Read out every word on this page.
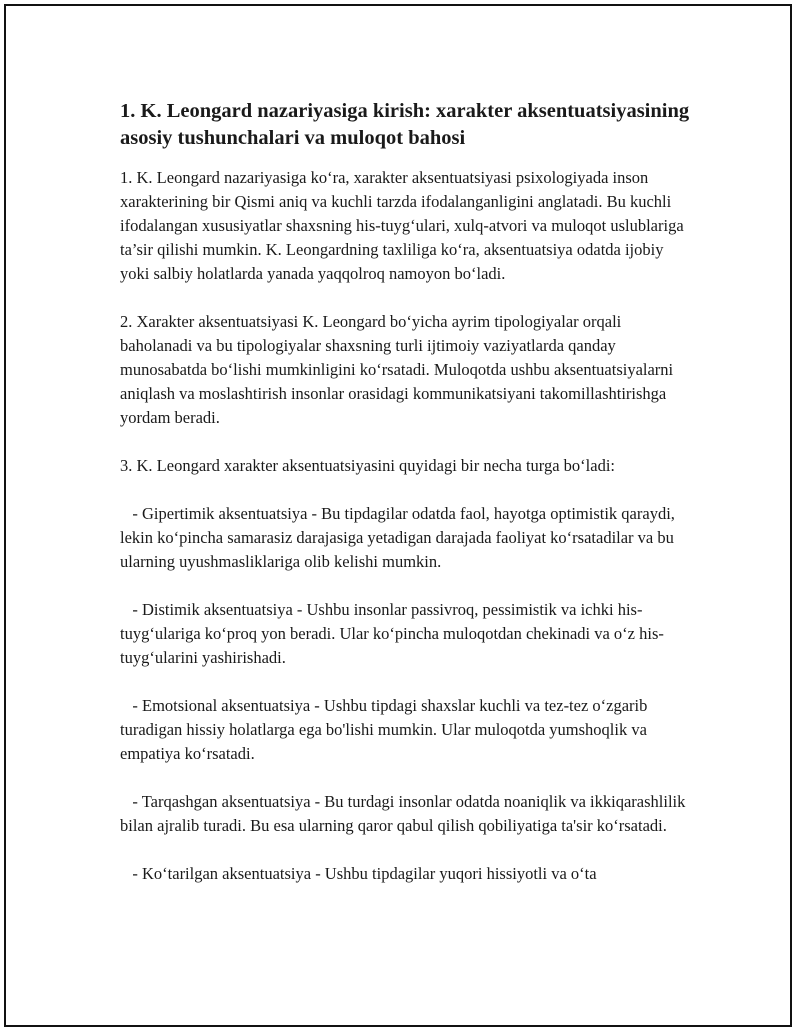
1. K. Leongard nazariyasiga kirish: xarakter aksentuatsiyasining asosiy tushunchalari va muloqot bahosi

1. K. Leongard nazariyasiga ko‘ra, xarakter aksentuatsiyasi psixologiyada inson xarakterining bir Qismi aniq va kuchli tarzda ifodalanganligini anglatadi. Bu kuchli ifodalangan xususiyatlar shaxsning his-tuyg‘ulari, xulq-atvori va muloqot uslublariga ta’sir qilishi mumkin. K. Leongardning taxliliga ko‘ra, aksentuatsiya odatda ijobiy yoki salbiy holatlarda yanada yaqqolroq namoyon bo‘ladi.

2. Xarakter aksentuatsiyasi K. Leongard bo‘yicha ayrim tipologiyalar orqali baholanadi va bu tipologiyalar shaxsning turli ijtimoiy vaziyatlarda qanday munosabatda bo‘lishi mumkinligini ko‘rsatadi. Muloqotda ushbu aksentuatsiyalarni aniqlash va moslashtirish insonlar orasidagi kommunikatsiyani takomillashtirishga yordam beradi.

3. K. Leongard xarakter aksentuatsiyasini quyidagi bir necha turga bo‘ladi:

- Gipertimik aksentuatsiya - Bu tipdagilar odatda faol, hayotga optimistik qaraydi, lekin ko‘pincha samarasiz darajasiga yetadigan darajada faoliyat ko‘rsatadilar va bu ularning uyushmasliklariga olib kelishi mumkin.

- Distimik aksentuatsiya - Ushbu insonlar passivroq, pessimistik va ichki his-tuyg‘ulariga ko‘proq yon beradi. Ular ko‘pincha muloqotdan chekinadi va o‘z his-tuyg‘ularini yashirishadi.

- Emotsional aksentuatsiya - Ushbu tipdagi shaxslar kuchli va tez-tez o‘zgarib turadigan hissiy holatlarga ega bo'lishi mumkin. Ular muloqotda yumshoqlik va empatiya ko‘rsatadi.

- Tarqashgan aksentuatsiya - Bu turdagi insonlar odatda noaniqlik va ikkiqarashlilik bilan ajralib turadi. Bu esa ularning qaror qabul qilish qobiliyatiga ta'sir ko‘rsatadi.

- Ko‘tarilgan aksentuatsiya - Ushbu tipdagilar yuqori hissiyotli va o‘ta
